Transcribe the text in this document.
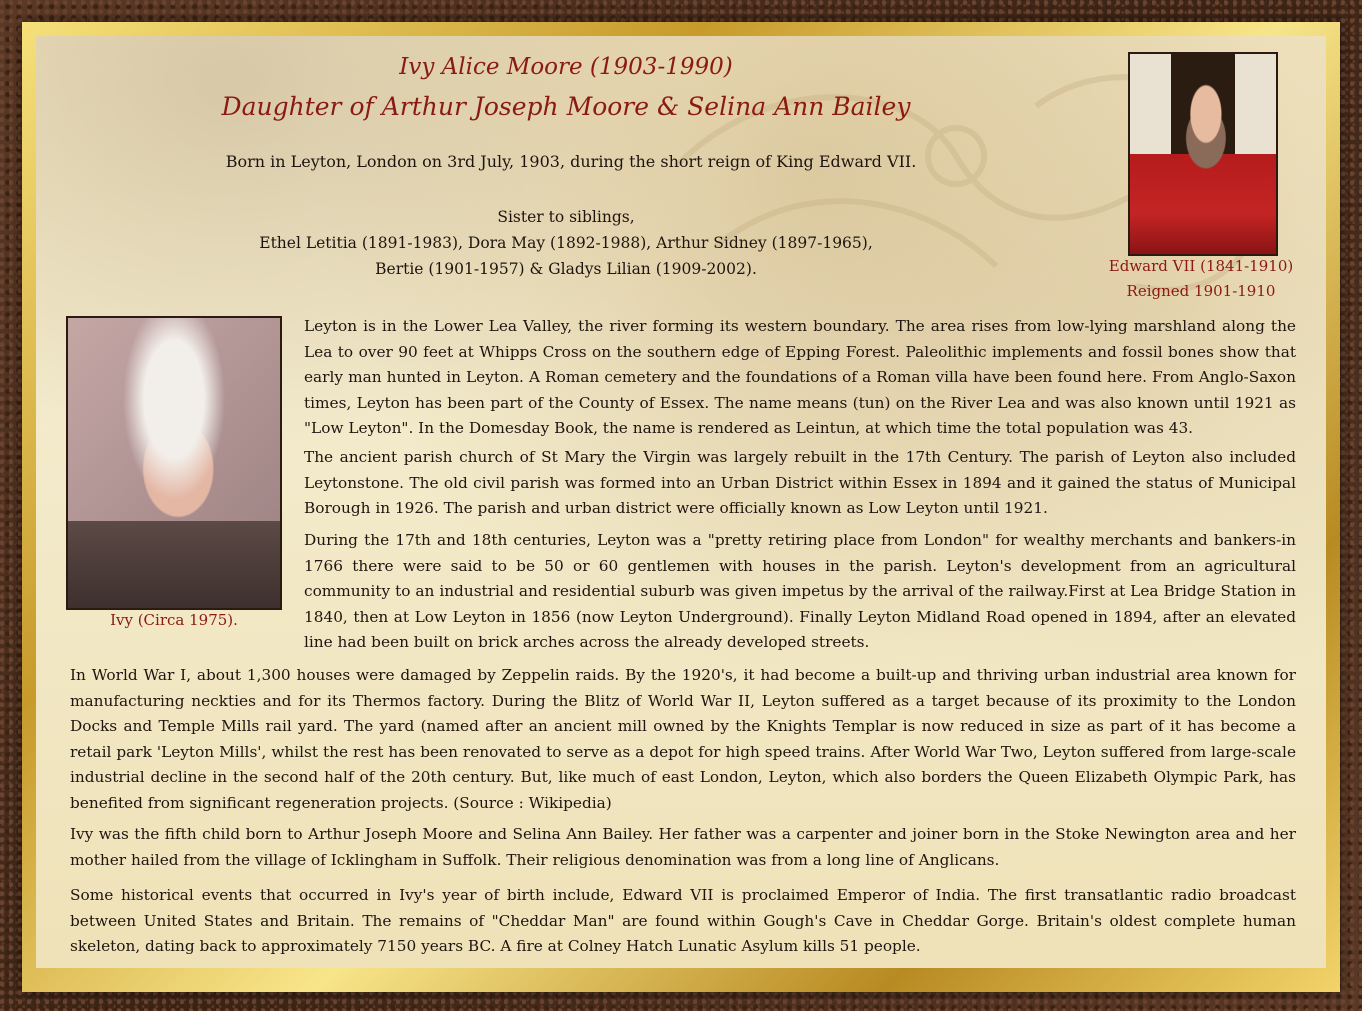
Ivy Alice Moore (1903-1990)
Daughter of Arthur Joseph Moore & Selina Ann Bailey
Born in Leyton, London on 3rd July, 1903, during the short reign of King Edward VII.
Sister to siblings,
Ethel Letitia (1891-1983), Dora May (1892-1988), Arthur Sidney (1897-1965),
Bertie (1901-1957) & Gladys Lilian (1909-2002).	Edward VII (1841-1910)
Reigned 1901-1910
Ivy (Circa 1975).

Leyton is in the Lower Lea Valley, the river forming its western boundary. The area rises from low-lying marshland along the Lea to over 90 feet at Whipps Cross on the southern edge of Epping Forest. Paleolithic implements and fossil bones show that early man hunted in Leyton. A Roman cemetery and the foundations of a Roman villa have been found here. From Anglo-Saxon times, Leyton has been part of the County of Essex. The name means (tun) on the River Lea and was also known until 1921 as "Low Leyton". In the Domesday Book, the name is rendered as Leintun, at which time the total population was 43.

The ancient parish church of St Mary the Virgin was largely rebuilt in the 17th Century. The parish of Leyton also included Leytonstone. The old civil parish was formed into an Urban District within Essex in 1894 and it gained the status of Municipal Borough in 1926. The parish and urban district were officially known as Low Leyton until 1921.

During the 17th and 18th centuries, Leyton was a "pretty retiring place from London" for wealthy merchants and bankers-in 1766 there were said to be 50 or 60 gentlemen with houses in the parish. Leyton's development from an agricultural community to an industrial and residential suburb was given impetus by the arrival of the railway.First at Lea Bridge Station in 1840, then at Low Leyton in 1856 (now Leyton Underground). Finally Leyton Midland Road opened in 1894, after an elevated line had been built on brick arches across the already developed streets.

In World War I, about 1,300 houses were damaged by Zeppelin raids. By the 1920's, it had become a built-up and thriving urban industrial area known for manufacturing neckties and for its Thermos factory. During the Blitz of World War II, Leyton suffered as a target because of its proximity to the London Docks and Temple Mills rail yard. The yard (named after an ancient mill owned by the Knights Templar is now reduced in size as part of it has become a retail park 'Leyton Mills', whilst the rest has been renovated to serve as a depot for high speed trains. After World War Two, Leyton suffered from large-scale industrial decline in the second half of the 20th century. But, like much of east London, Leyton, which also borders the Queen Elizabeth Olympic Park, has benefited from significant regeneration projects. (Source : Wikipedia)

Ivy was the fifth child born to Arthur Joseph Moore and Selina Ann Bailey. Her father was a carpenter and joiner born in the Stoke Newington area and her mother hailed from the village of Icklingham in Suffolk. Their religious denomination was from a long line of Anglicans.

Some historical events that occurred in Ivy's year of birth include, Edward VII is proclaimed Emperor of India. The first transatlantic radio broadcast between United States and Britain. The remains of "Cheddar Man" are found within Gough's Cave in Cheddar Gorge. Britain's oldest complete human skeleton, dating back to approximately 7150 years BC. A fire at Colney Hatch Lunatic Asylum kills 51 people.
